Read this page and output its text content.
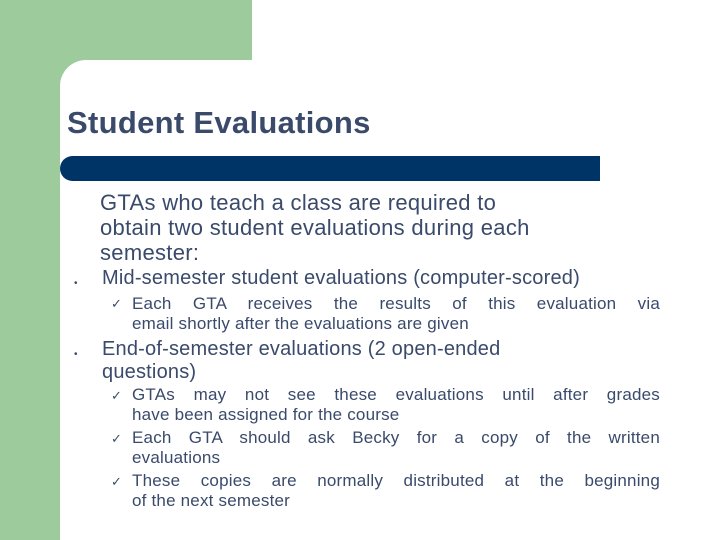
Student Evaluations
GTAs who teach a class are required to
obtain two student evaluations during each
semester:
• Mid-semester student evaluations (computer-scored)
✓ Each GTA receives the results of this evaluation via
email shortly after the evaluations are given
• End-of-semester evaluations (2 open-ended
questions)
✓ GTAs may not see these evaluations until after grades
have been assigned for the course
✓ Each GTA should ask Becky for a copy of the written
evaluations
✓ These copies are normally distributed at the beginning
of the next semester
